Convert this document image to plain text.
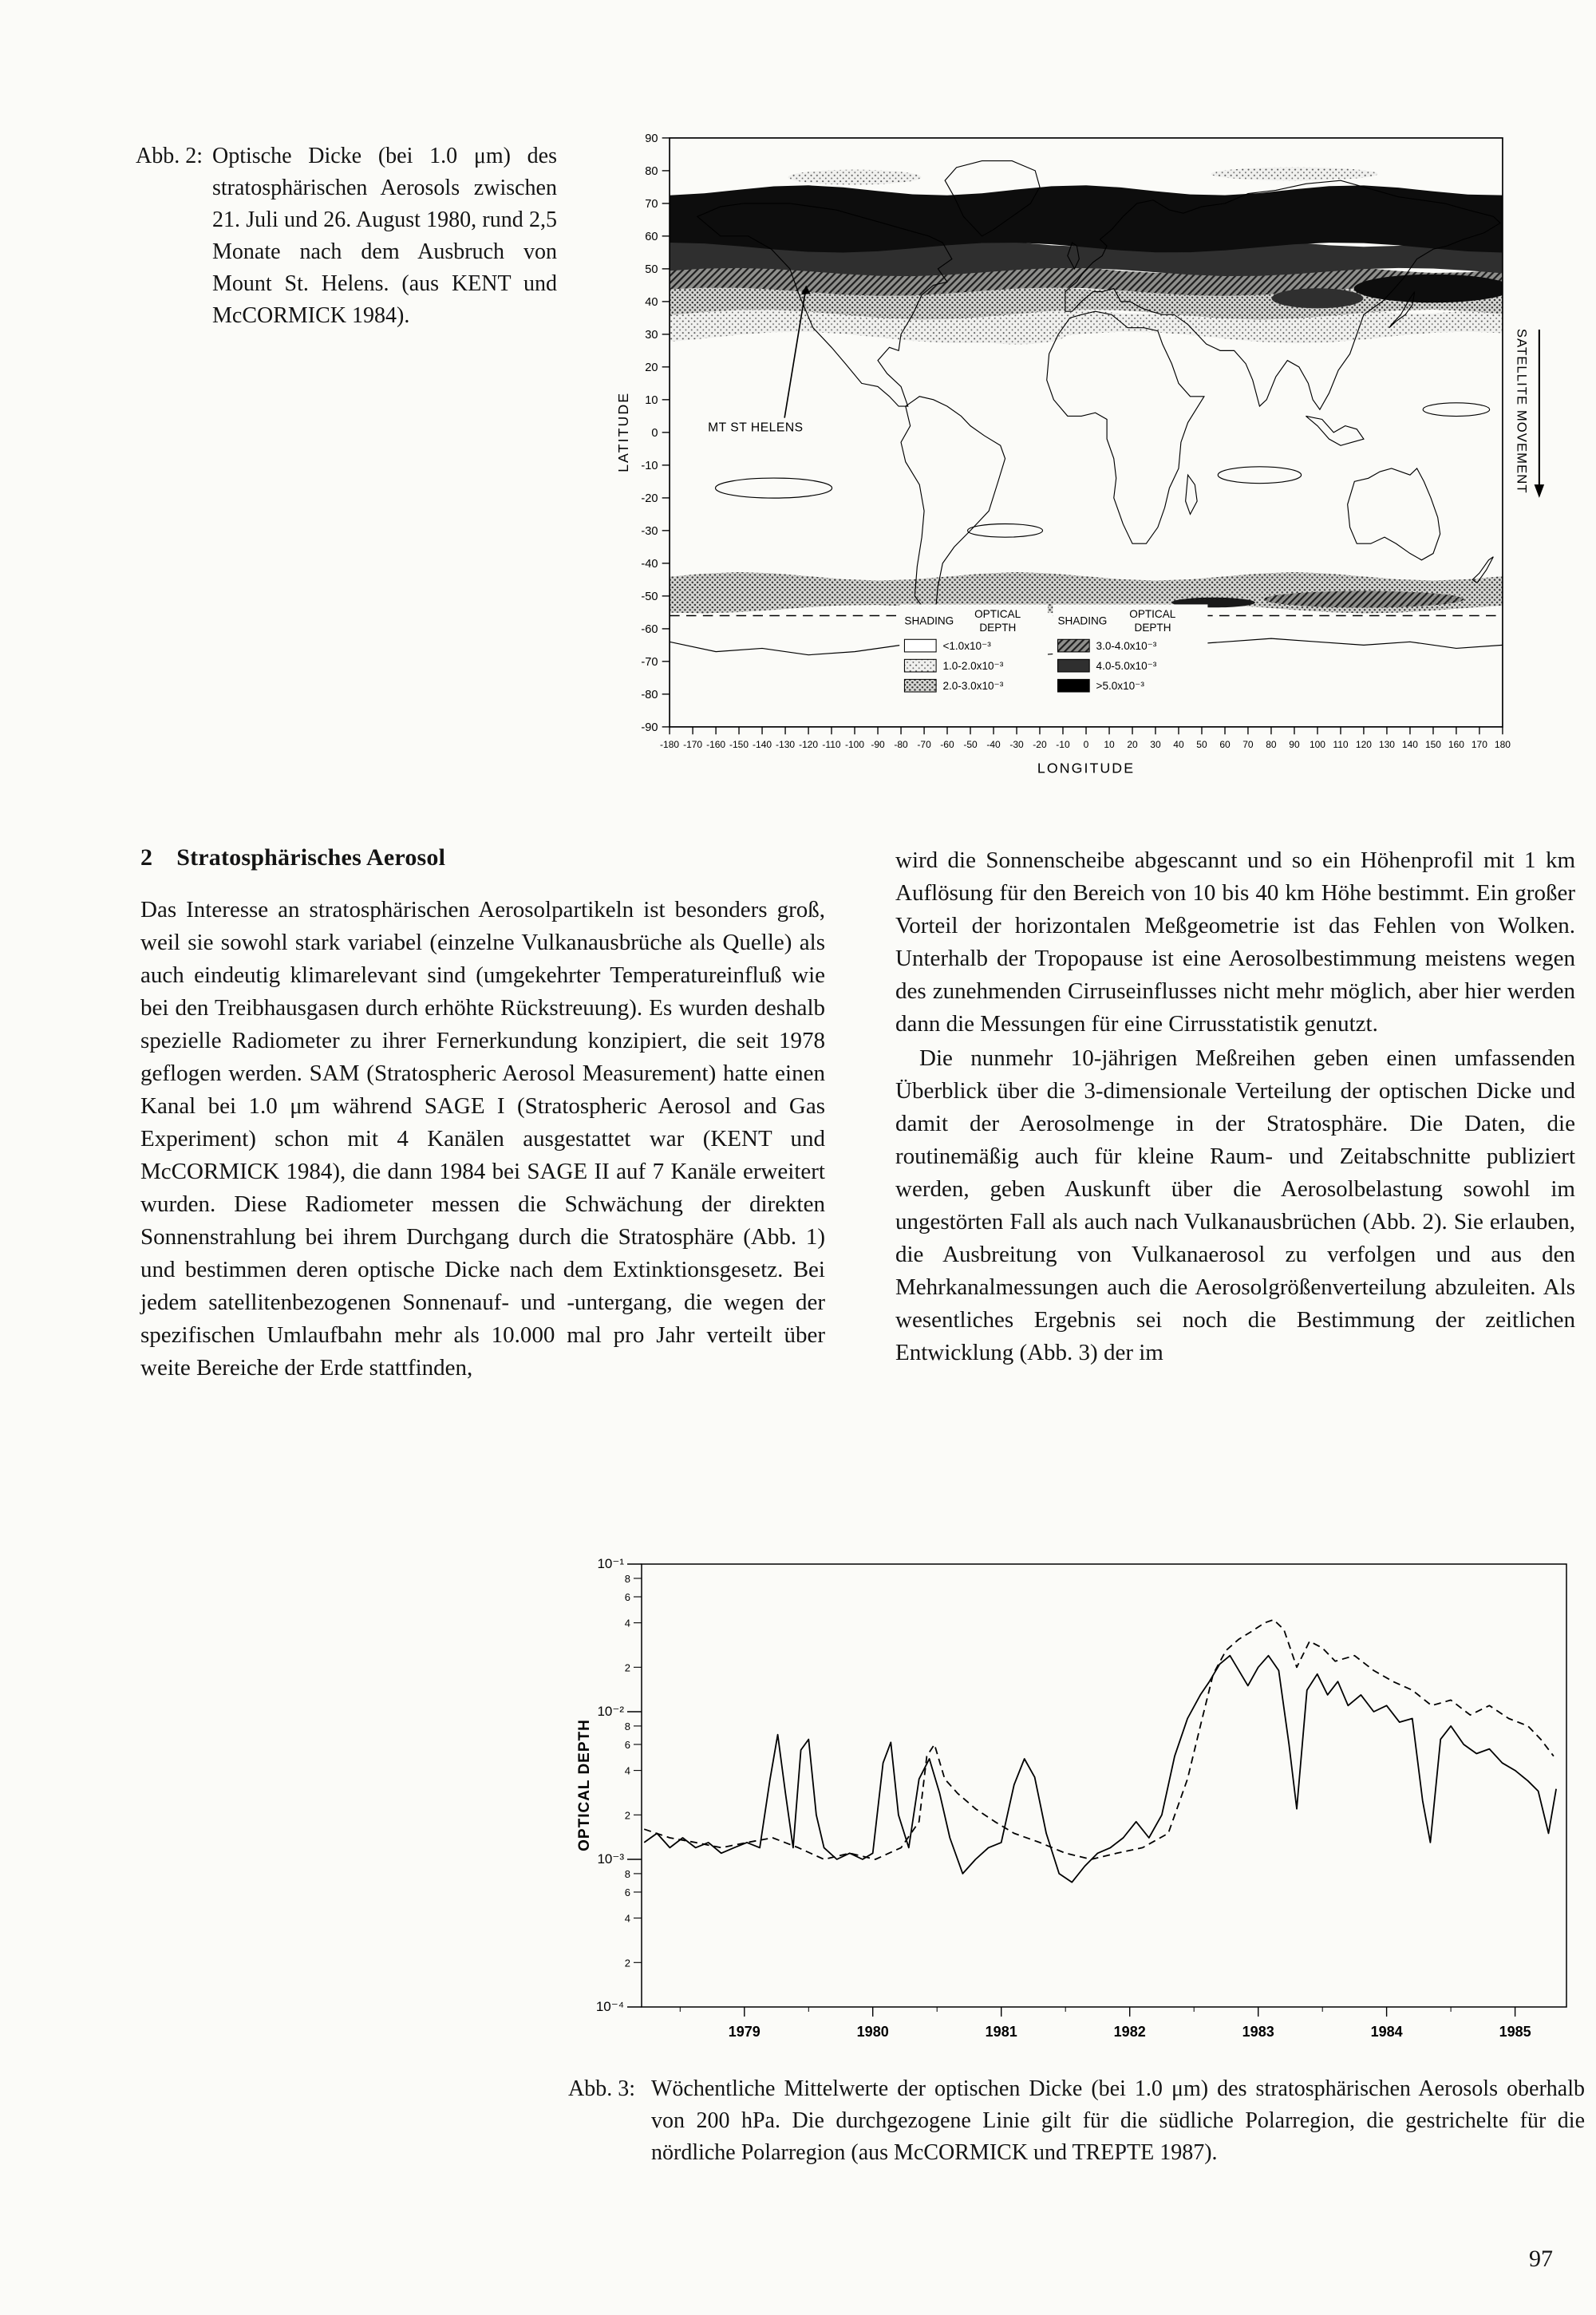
Abb. 2: Optische Dicke (bei 1.0 μm) des stratosphärischen Aerosols zwischen 21. Juli und 26. August 1980, rund 2,5 Monate nach dem Ausbruch von Mount St. Helens. (aus KENT und McCORMICK 1984).
SHADING
OPTICAL
DEPTH
<1.0x10⁻³
1.0-2.0x10⁻³
2.0-3.0x10⁻³
SHADING
OPTICAL
DEPTH
3.0-4.0x10⁻³
4.0-5.0x10⁻³
>5.0x10⁻³
MT ST HELENS
90
80
70
60
50
40
30
20
10
0
-10
-20
-30
-40
-50
-60
-70
-80
-90
-180 -170 -160 -150 -140 -130 -120 -110 -100 -90 -80 -70 -60 -50 -40 -30 -20 -10 0 10 20 30 40 50 60 70 80 90 100 110 120 130 140 150 160 170 180
LATITUDE
LONGITUDE
SATELLITE MOVEMENT
2 Stratosphärisches Aerosol

Das Interesse an stratosphärischen Aerosolpartikeln ist besonders groß, weil sie sowohl stark variabel (einzelne Vulkanausbrüche als Quelle) als auch eindeutig klimarelevant sind (umgekehrter Temperatureinfluß wie bei den Treibhausgasen durch erhöhte Rückstreuung). Es wurden deshalb spezielle Radiometer zu ihrer Fernerkundung konzipiert, die seit 1978 geflogen werden. SAM (Stratospheric Aerosol Measurement) hatte einen Kanal bei 1.0 μm während SAGE I (Stratospheric Aerosol and Gas Experiment) schon mit 4 Kanälen ausgestattet war (KENT und McCORMICK 1984), die dann 1984 bei SAGE II auf 7 Kanäle erweitert wurden. Diese Radiometer messen die Schwächung der direkten Sonnenstrahlung bei ihrem Durchgang durch die Stratosphäre (Abb. 1) und bestimmen deren optische Dicke nach dem Extinktionsgesetz. Bei jedem satellitenbezogenen Sonnenauf- und -untergang, die wegen der spezifischen Umlaufbahn mehr als 10.000 mal pro Jahr verteilt über weite Bereiche der Erde stattfinden,

wird die Sonnenscheibe abgescannt und so ein Höhenprofil mit 1 km Auflösung für den Bereich von 10 bis 40 km Höhe bestimmt. Ein großer Vorteil der horizontalen Meßgeometrie ist das Fehlen von Wolken. Unterhalb der Tropopause ist eine Aerosolbestimmung meistens wegen des zunehmenden Cirruseinflusses nicht mehr möglich, aber hier werden dann die Messungen für eine Cirrusstatistik genutzt.

Die nunmehr 10-jährigen Meßreihen geben einen umfassenden Überblick über die 3-dimensionale Verteilung der optischen Dicke und damit der Aerosolmenge in der Stratosphäre. Die Daten, die routinemäßig auch für kleine Raum- und Zeitabschnitte publiziert werden, geben Auskunft über die Aerosolbelastung sowohl im ungestörten Fall als auch nach Vulkanausbrüchen (Abb. 2). Sie erlauben, die Ausbreitung von Vulkanaerosol zu verfolgen und aus den Mehrkanalmessungen auch die Aerosolgrößenverteilung abzuleiten. Als wesentliches Ergebnis sei noch die Bestimmung der zeitlichen Entwicklung (Abb. 3) der im

10⁻¹
8
6
4
2
10⁻²
8
6
4
2
10⁻³
8
6
4
2
10⁻⁴
1979	1980	1981	1982	1983	1984	1985
OPTICAL DEPTH
Abb. 3: Wöchentliche Mittelwerte der optischen Dicke (bei 1.0 μm) des stratosphärischen Aerosols oberhalb von 200 hPa. Die durchgezogene Linie gilt für die südliche Polarregion, die gestrichelte für die nördliche Polarregion (aus McCORMICK und TREPTE 1987).
97
